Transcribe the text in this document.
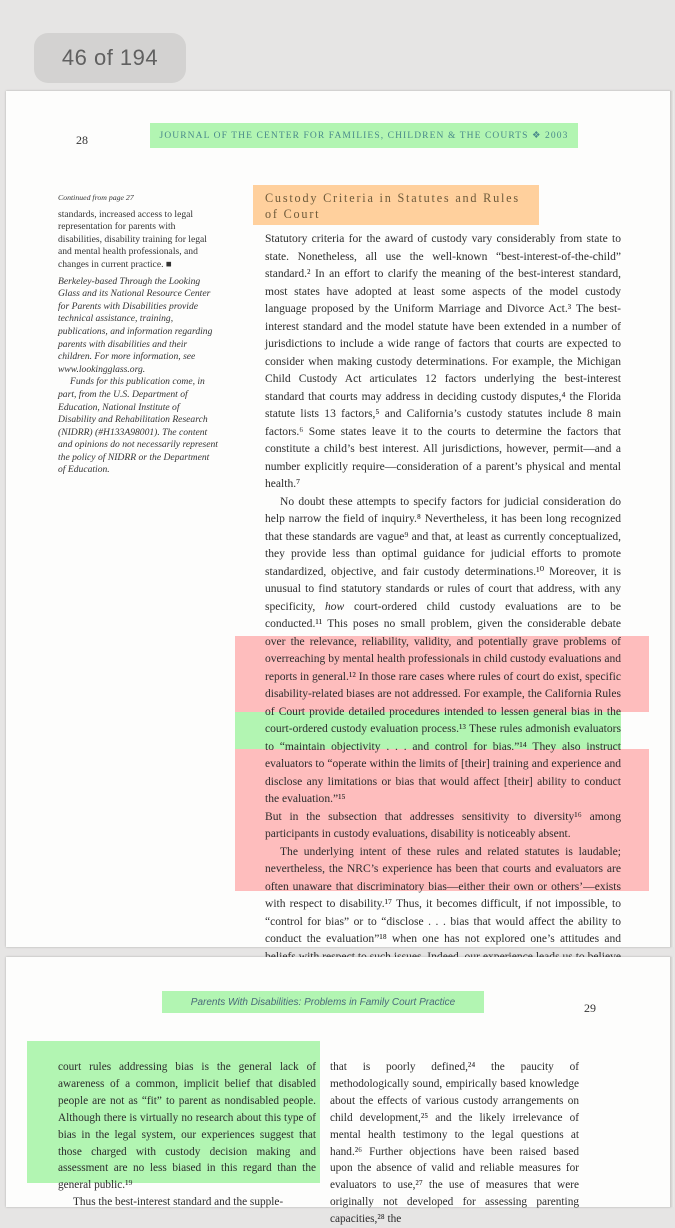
46 of 194
28	JOURNAL OF THE CENTER FOR FAMILIES, CHILDREN & THE COURTS ❖ 2003

Continued from page 27

standards, increased access to legal representation for parents with disabilities, disability training for legal and mental health professionals, and changes in current practice. ■

Berkeley-based Through the Looking Glass and its National Resource Center for Parents with Disabilities provide technical assistance, training, publications, and information regarding parents with disabilities and their children. For more information, see www.lookingglass.org.

Funds for this publication come, in part, from the U.S. Department of Education, National Institute of Disability and Rehabilitation Research (NIDRR) (#H133A98001). The content and opinions do not necessarily represent the policy of NIDRR or the Department of Education.

Custody Criteria in Statutes and Rules of Court

Statutory criteria for the award of custody vary considerably from state to state. Nonetheless, all use the well-known “best-interest-of-the-child” standard.² In an effort to clarify the meaning of the best-interest standard, most states have adopted at least some aspects of the model custody language proposed by the Uniform Marriage and Divorce Act.³ The best-interest standard and the model statute have been extended in a number of jurisdictions to include a wide range of factors that courts are expected to consider when making custody determinations. For example, the Michigan Child Custody Act articulates 12 factors underlying the best-interest standard that courts may address in deciding custody disputes,⁴ the Florida statute lists 13 factors,⁵ and California’s custody statutes include 8 main factors.⁶ Some states leave it to the courts to determine the factors that constitute a child’s best interest. All jurisdictions, however, permit—and a number explicitly require—consideration of a parent’s physical and mental health.⁷

No doubt these attempts to specify factors for judicial consideration do help narrow the field of inquiry.⁸ Nevertheless, it has been long recognized that these standards are vague⁹ and that, at least as currently conceptualized, they provide less than optimal guidance for judicial efforts to promote standardized, objective, and fair custody determinations.¹⁰ Moreover, it is unusual to find statutory standards or rules of court that address, with any specificity, how court-ordered child custody evaluations are to be conducted.¹¹ This poses no small problem, given the considerable debate over the relevance, reliability, validity, and potentially grave problems of overreaching by mental health professionals in child custody evaluations and reports in general.¹² In those rare cases where rules of court do exist, specific disability-related biases are not addressed. For example, the California Rules of Court provide detailed procedures intended to lessen general bias in the court-ordered custody evaluation process.¹³ These rules admonish evaluators to “maintain objectivity . . . and control for bias.”¹⁴ They also instruct evaluators to “operate within the limits of [their] training and experience and disclose any limitations or bias that would affect [their] ability to conduct the evaluation.”¹⁵

But in the subsection that addresses sensitivity to diversity¹⁶ among participants in custody evaluations, disability is noticeably absent.

The underlying intent of these rules and related statutes is laudable; nevertheless, the NRC’s experience has been that courts and evaluators are often unaware that discriminatory bias—either their own or others’—exists with respect to disability.¹⁷ Thus, it becomes difficult, if not impossible, to “control for bias” or to “disclose . . . bias that would affect the ability to conduct the evaluation”¹⁸ when one has not explored one’s attitudes and

Parents With Disabilities: Problems in Family Court Practice	29

court rules addressing bias is the general lack of awareness of a common, implicit belief that disabled people are not as “fit” to parent as nondisabled people. Although there is virtually no research about this type of bias in the legal system, our experiences suggest that those charged with custody decision making and assessment are no less biased in this regard than the general public.¹⁹

Thus the best-interest standard and the supple-

that is poorly defined,²⁴ the paucity of methodologically sound, empirically based knowledge about the effects of various custody arrangements on child development,²⁵ and the likely irrelevance of mental health testimony to the legal questions at hand.²⁶ Further objections have been raised based upon the absence of valid and reliable measures for evaluators to use,²⁷ the use of measures that were originally not developed for assessing parenting capacities,²⁸ the
